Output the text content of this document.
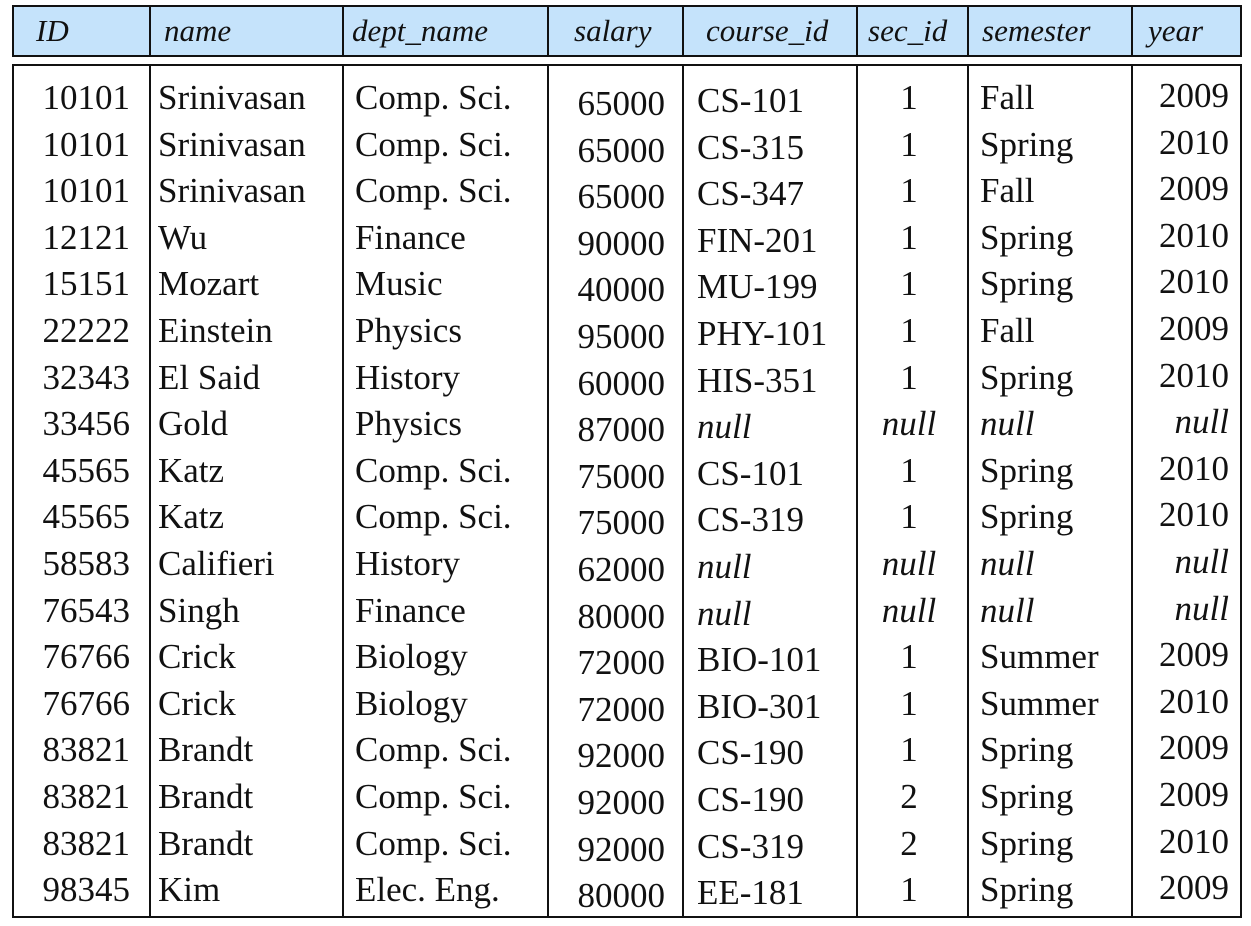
ID	name	dept_name	salary course_id sec_id semester year
10101 Srinivasan	Comp. Sci.	65000 CS-101	1	Fall	2009
10101 Srinivasan	Comp. Sci.	65000 CS-315	1	Spring	2010
10101 Srinivasan	Comp. Sci.	65000 CS-347	1	Fall	2009
12121 Wu	Finance	90000 FIN-201	1	Spring	2010
15151 Mozart	Music	40000 MU-199	1	Spring	2010
22222 Einstein	Physics	95000 PHY-101	1	Fall	2009
32343 El Said	History	60000 HIS-351	1	Spring	2010
33456 Gold	Physics	87000 null	null	null	null
45565 Katz	Comp. Sci.	75000 CS-101	1	Spring	2010
45565 Katz	Comp. Sci.	75000 CS-319	1	Spring	2010
58583 Califieri	History	62000 null	null	null	null
76543 Singh	Finance	80000 null	null	null	null
76766 Crick	Biology	72000 BIO-101	1	Summer	2009
76766 Crick	Biology	72000 BIO-301	1	Summer	2010
83821 Brandt	Comp. Sci.	92000 CS-190	1	Spring	2009
83821 Brandt	Comp. Sci.	92000 CS-190	2	Spring	2009
83821 Brandt	Comp. Sci.	92000 CS-319	2	Spring	2010
98345 Kim	Elec. Eng.	80000 EE-181	1	Spring	2009
